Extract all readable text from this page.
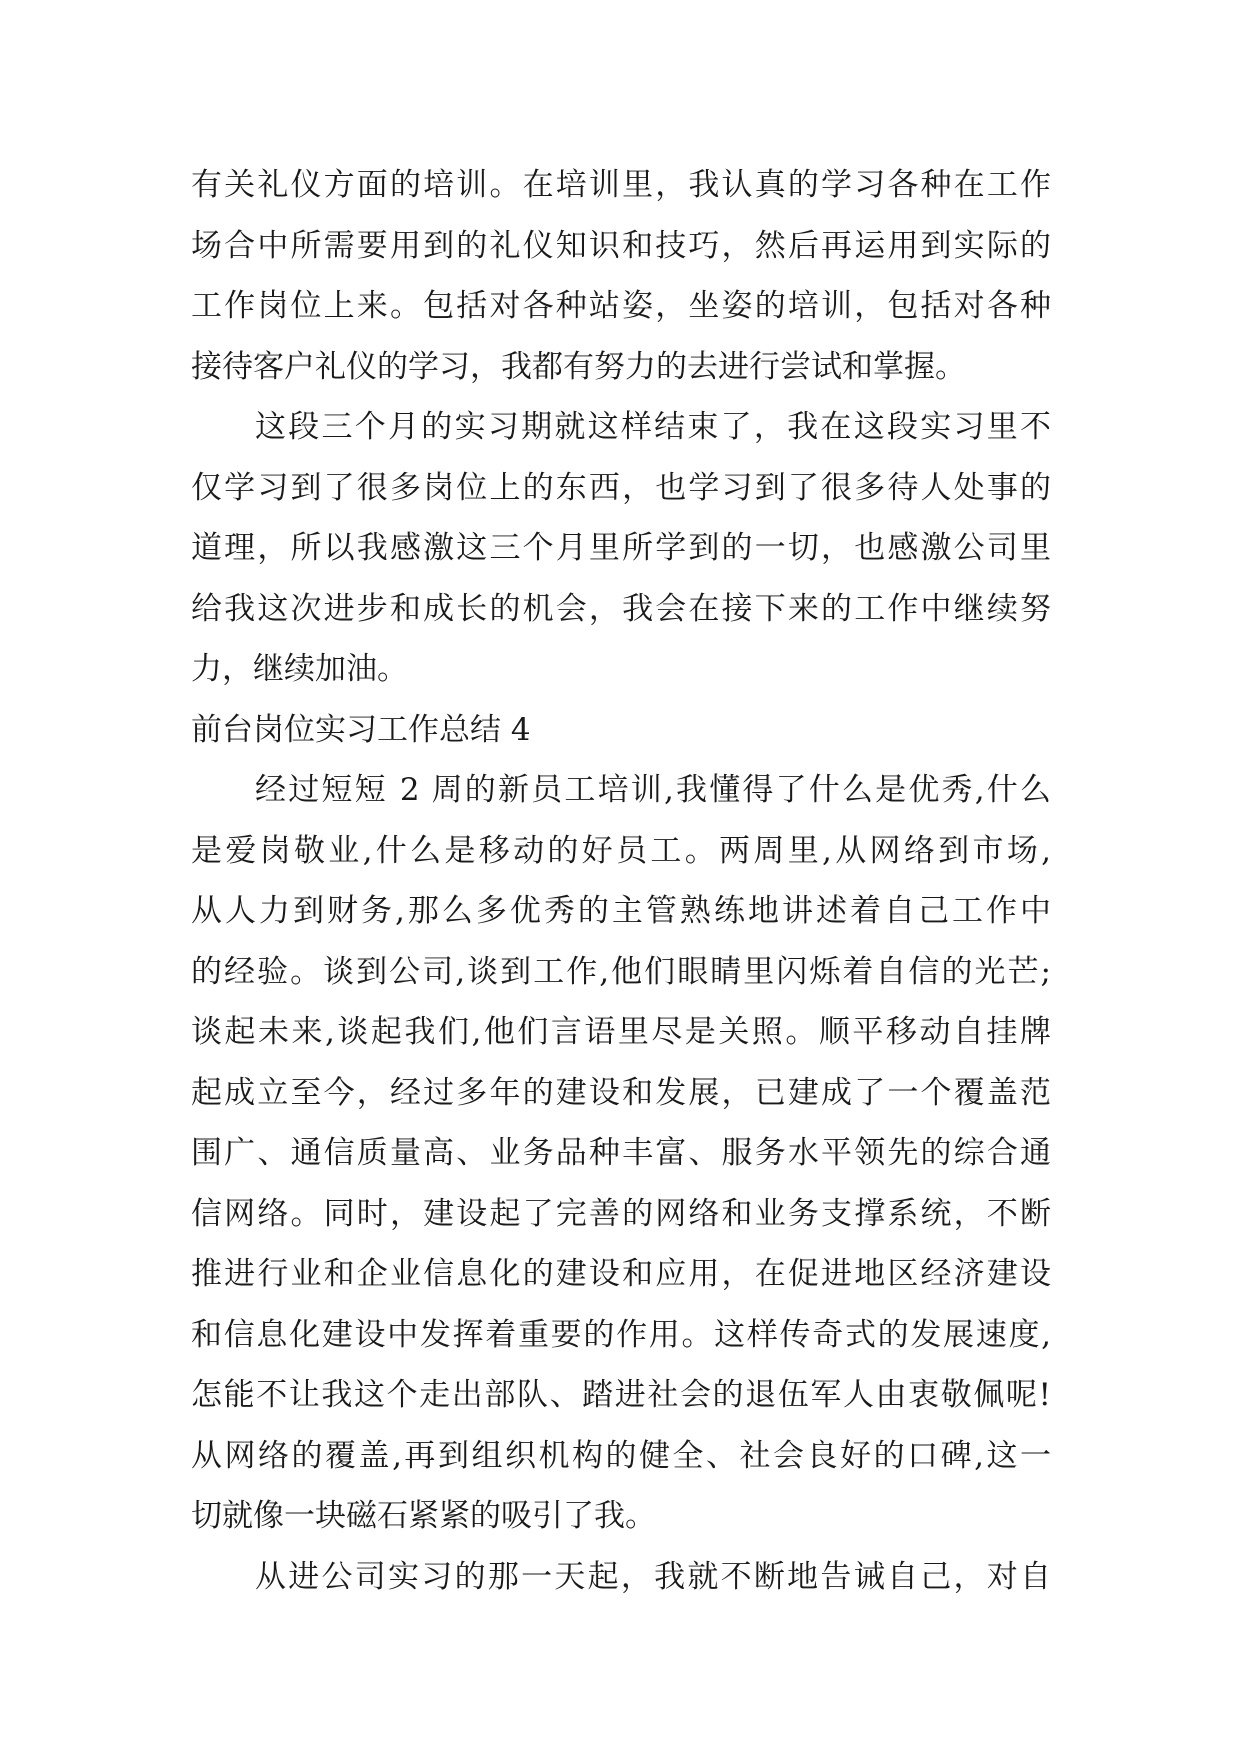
有关礼仪方面的培训。在培训里，我认真的学习各种在工作
场合中所需要用到的礼仪知识和技巧，然后再运用到实际的
工作岗位上来。包括对各种站姿，坐姿的培训，包括对各种
接待客户礼仪的学习，我都有努力的去进行尝试和掌握。
这段三个月的实习期就这样结束了，我在这段实习里不
仅学习到了很多岗位上的东西，也学习到了很多待人处事的
道理，所以我感激这三个月里所学到的一切，也感激公司里
给我这次进步和成长的机会，我会在接下来的工作中继续努
力，继续加油。
前台岗位实习工作总结 4
经过短短 2 周的新员工培训,我懂得了什么是优秀,什么
是爱岗敬业,什么是移动的好员工。两周里,从网络到市场,
从人力到财务,那么多优秀的主管熟练地讲述着自己工作中
的经验。谈到公司,谈到工作,他们眼睛里闪烁着自信的光芒;
谈起未来,谈起我们,他们言语里尽是关照。顺平移动自挂牌
起成立至今，经过多年的建设和发展，已建成了一个覆盖范
围广、通信质量高、业务品种丰富、服务水平领先的综合通
信网络。同时，建设起了完善的网络和业务支撑系统，不断
推进行业和企业信息化的建设和应用，在促进地区经济建设
和信息化建设中发挥着重要的作用。这样传奇式的发展速度,
怎能不让我这个走出部队、踏进社会的退伍军人由衷敬佩呢!
从网络的覆盖,再到组织机构的健全、社会良好的口碑,这一
切就像一块磁石紧紧的吸引了我。
从进公司实习的那一天起，我就不断地告诫自己，对自
